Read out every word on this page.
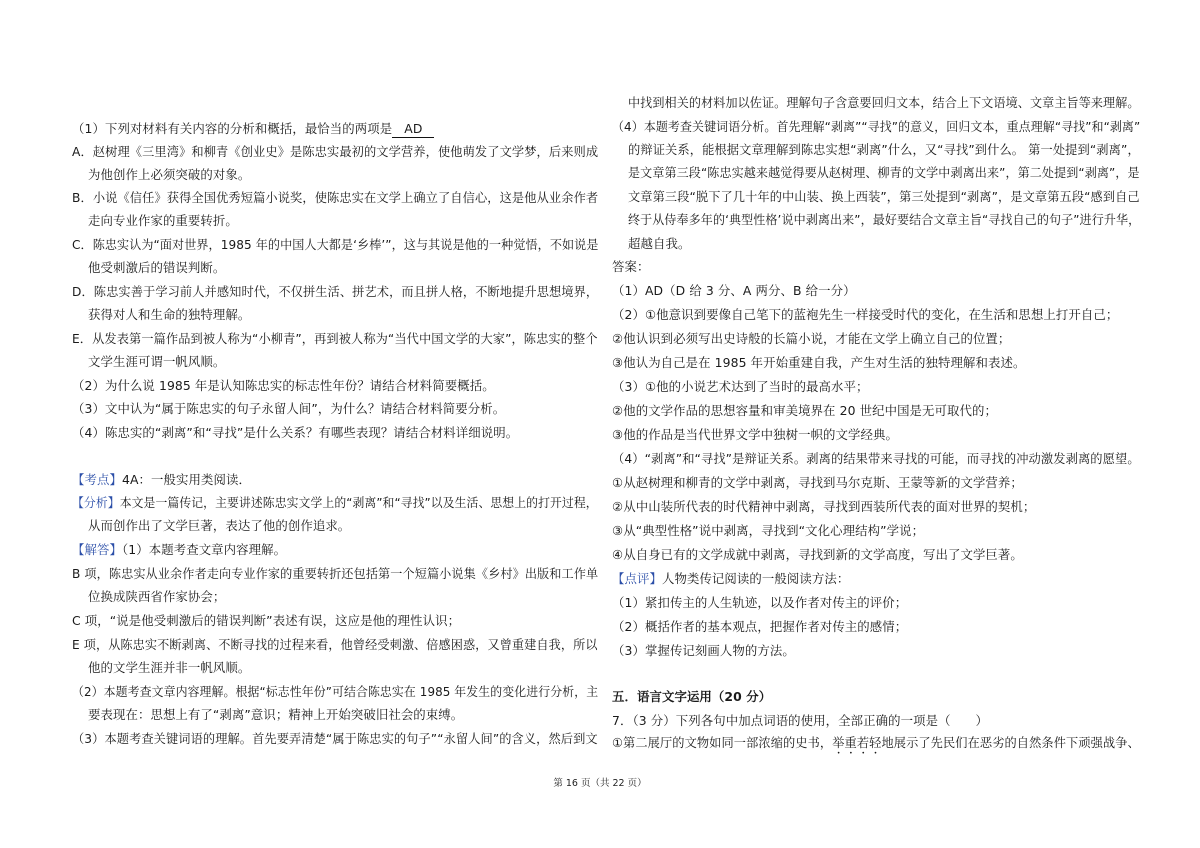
（1）下列对材料有关内容的分析和概括，最恰当的两项是 AD
A．赵树理《三里湾》和柳青《创业史》是陈忠实最初的文学营养，使他萌发了文学梦，后来则成
为他创作上必须突破的对象。
B．小说《信任》获得全国优秀短篇小说奖，使陈忠实在文学上确立了自信心，这是他从业余作者
走向专业作家的重要转折。
C．陈忠实认为“面对世界，1985 年的中国人大都是‘乡棒’”，这与其说是他的一种觉悟，不如说是
他受刺激后的错误判断。
D．陈忠实善于学习前人并感知时代，不仅拼生活、拼艺术，而且拼人格，不断地提升思想境界，
获得对人和生命的独特理解。
E．从发表第一篇作品到被人称为“小柳青”，再到被人称为“当代中国文学的大家”，陈忠实的整个
文学生涯可谓一帆风顺。
（2）为什么说 1985 年是认知陈忠实的标志性年份？请结合材料简要概括。
（3）文中认为“属于陈忠实的句子永留人间”，为什么？请结合材料简要分析。
（4）陈忠实的“剥离”和“寻找”是什么关系？有哪些表现？请结合材料详细说明。
【考点】4A：一般实用类阅读．
【分析】本文是一篇传记，主要讲述陈忠实文学上的“剥离”和“寻找”以及生活、思想上的打开过程，
从而创作出了文学巨著，表达了他的创作追求。
【解答】（1）本题考查文章内容理解。
B 项，陈忠实从业余作者走向专业作家的重要转折还包括第一个短篇小说集《乡村》出版和工作单
位换成陕西省作家协会；
C 项，“说是他受刺激后的错误判断”表述有误，这应是他的理性认识；
E 项，从陈忠实不断剥离、不断寻找的过程来看，他曾经受刺激、倍感困惑，又曾重建自我，所以
他的文学生涯并非一帆风顺。
（2）本题考查文章内容理解。根据“标志性年份”可结合陈忠实在 1985 年发生的变化进行分析，主
要表现在：思想上有了“剥离”意识；精神上开始突破旧社会的束缚。
（3）本题考查关键词语的理解。首先要弄清楚“属于陈忠实的句子”“永留人间”的含义，然后到文
中找到相关的材料加以佐证。理解句子含意要回归文本，结合上下文语境、文章主旨等来理解。
（4）本题考查关键词语分析。首先理解“剥离”“寻找”的意义，回归文本，重点理解“寻找”和“剥离”
的辩证关系，能根据文章理解到陈忠实想“剥离”什么，又“寻找”到什么。 第一处提到“剥离”，
是文章第三段“陈忠实越来越觉得要从赵树理、柳青的文学中剥离出来”，第二处提到“剥离”，是
文章第三段“脱下了几十年的中山装、换上西装”，第三处提到“剥离”，是文章第五段“感到自己
终于从侍奉多年的‘典型性格’说中剥离出来”，最好要结合文章主旨“寻找自己的句子”进行升华，
超越自我。
答案：
（1）AD（D 给 3 分、A 两分、B 给一分）
（2）①他意识到要像自己笔下的蓝袍先生一样接受时代的变化，在生活和思想上打开自己；
②他认识到必须写出史诗般的长篇小说，才能在文学上确立自己的位置；
③他认为自己是在 1985 年开始重建自我，产生对生活的独特理解和表述。
（3）①他的小说艺术达到了当时的最高水平；
②他的文学作品的思想容量和审美境界在 20 世纪中国是无可取代的；
③他的作品是当代世界文学中独树一帜的文学经典。
（4）“剥离”和“寻找”是辩证关系。剥离的结果带来寻找的可能，而寻找的冲动激发剥离的愿望。
①从赵树理和柳青的文学中剥离，寻找到马尔克斯、王蒙等新的文学营养；
②从中山装所代表的时代精神中剥离，寻找到西装所代表的面对世界的契机；
③从“典型性格”说中剥离，寻找到“文化心理结构”学说；
④从自身已有的文学成就中剥离，寻找到新的文学高度，写出了文学巨著。
【点评】人物类传记阅读的一般阅读方法：
（1）紧扣传主的人生轨迹，以及作者对传主的评价；
（2）概括作者的基本观点，把握作者对传主的感情；
（3）掌握传记刻画人物的方法。
五．语言文字运用（20 分）
7．（3 分）下列各句中加点词语的使用，全部正确的一项是（　　）
①第二展厅的文物如同一部浓缩的史书，举重若轻地展示了先民们在恶劣的自然条件下顽强战争、
第 16 页（共 22 页）
